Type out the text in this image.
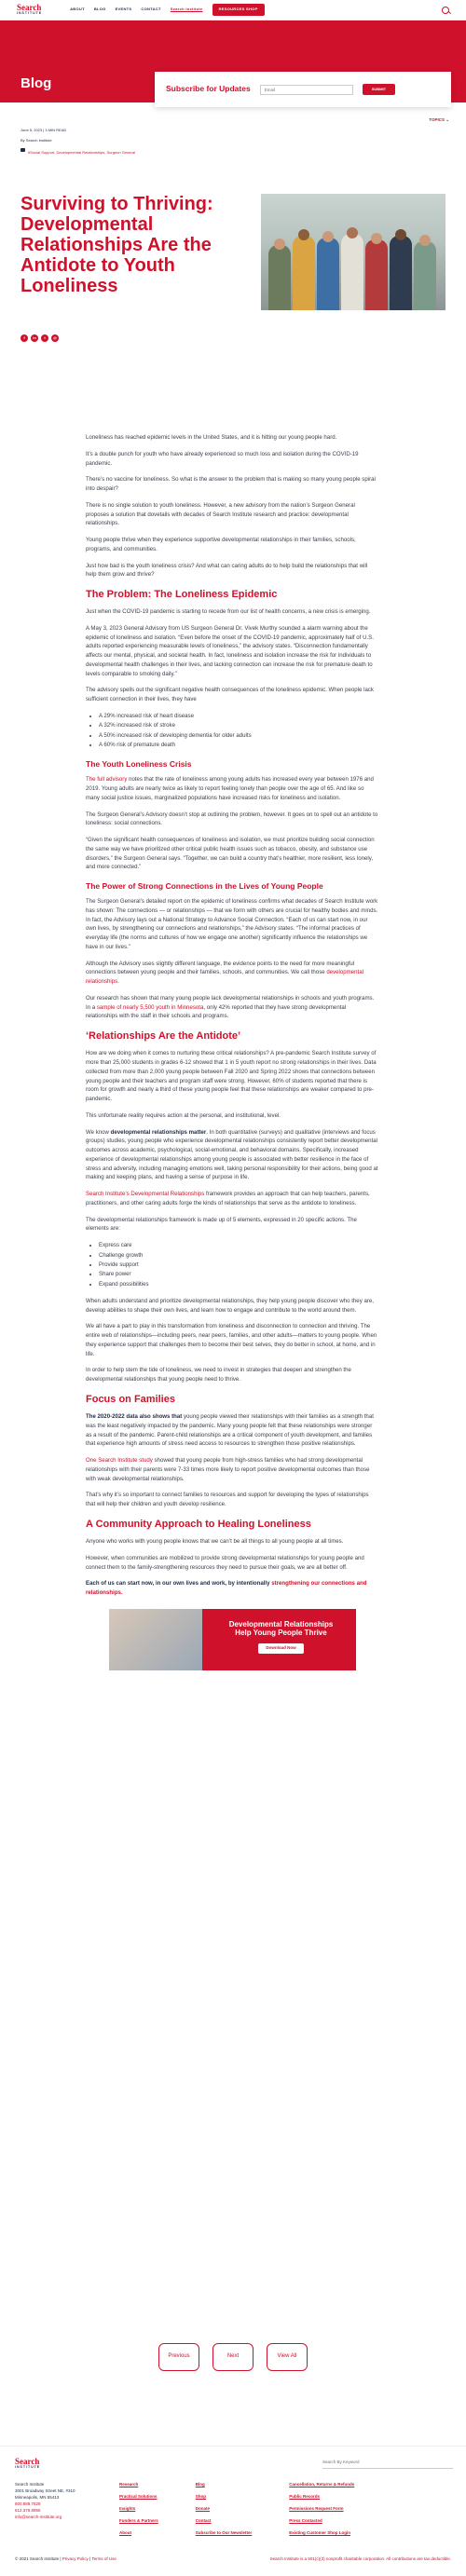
Search
INSTITUTE
ABOUT	BLOG	EVENTS	CONTACT	Search Institute	RESOURCES SHOP
Blog	Subscribe for Updates
Email	SUBMIT
TOPICS ⌄
June 5, 2023 | 3 MIN READ
By Search Institute
#Social Support, Developmental Relationships, Surgeon General
Surviving to Thriving: Developmental Relationships Are the Antidote to Youth Loneliness
f	in	t	@

Loneliness has reached epidemic levels in the United States, and it is hitting our young people hard.

It’s a double punch for youth who have already experienced so much loss and isolation during the COVID-19 pandemic.

There’s no vaccine for loneliness. So what is the answer to the problem that is making so many young people spiral into despair?

There is no single solution to youth loneliness. However, a new advisory from the nation’s Surgeon General proposes a solution that dovetails with decades of Search Institute research and practice: developmental relationships.

Young people thrive when they experience supportive developmental relationships in their families, schools, programs, and communities.

Just how bad is the youth loneliness crisis? And what can caring adults do to help build the relationships that will help them grow and thrive?

The Problem: The Loneliness Epidemic

Just when the COVID-19 pandemic is starting to recede from our list of health concerns, a new crisis is emerging.

A May 3, 2023 General Advisory from US Surgeon General Dr. Vivek Murthy sounded a alarm warning about the epidemic of loneliness and isolation. “Even before the onset of the COVID-19 pandemic, approximately half of U.S. adults reported experiencing measurable levels of loneliness,” the advisory states. “Disconnection fundamentally affects our mental, physical, and societal health. In fact, loneliness and isolation increase the risk for individuals to developmental health challenges in their lives, and lacking connection can increase the risk for premature death to levels comparable to smoking daily.”

The advisory spells out the significant negative health consequences of the loneliness epidemic. When people lack sufficient connection in their lives, they have

• A 29% increased risk of heart disease
• A 32% increased risk of stroke
• A 50% increased risk of developing dementia for older adults
• A 60% risk of premature death
The Youth Loneliness Crisis

The full advisory notes that the rate of loneliness among young adults has increased every year between 1976 and 2019. Young adults are nearly twice as likely to report feeling lonely than people over the age of 65. And like so many social justice issues, marginalized populations have increased risks for loneliness and isolation.

The Surgeon General’s Advisory doesn’t stop at outlining the problem, however. It goes on to spell out an antidote to loneliness: social connections.

“Given the significant health consequences of loneliness and isolation, we must prioritize building social connection the same way we have prioritized other critical public health issues such as tobacco, obesity, and substance use disorders,” the Surgeon General says. “Together, we can build a country that’s healthier, more resilient, less lonely, and more connected.”

The Power of Strong Connections in the Lives of Young People

The Surgeon General’s detailed report on the epidemic of loneliness confirms what decades of Search Institute work has shown: The connections — or relationships — that we form with others are crucial for healthy bodies and minds. In fact, the Advisory lays out a National Strategy to Advance Social Connection. “Each of us can start now, in our own lives, by strengthening our connections and relationships,” the Advisory states. “The informal practices of everyday life (the norms and cultures of how we engage one another) significantly influence the relationships we have in our lives.”

Although the Advisory uses slightly different language, the evidence points to the need for more meaningful connections between young people and their families, schools, and communities. We call those developmental relationships.

Our research has shown that many young people lack developmental relationships in schools and youth programs. In a sample of nearly 5,500 youth in Minnesota, only 42% reported that they have strong developmental relationships with the staff in their schools and programs.

‘Relationships Are the Antidote’

How are we doing when it comes to nurturing these critical relationships? A pre-pandemic Search Institute survey of more than 25,000 students in grades 6-12 showed that 1 in 5 youth report no strong relationships in their lives. Data collected from more than 2,000 young people between Fall 2020 and Spring 2022 shows that connections between young people and their teachers and program staff were strong. However, 60% of students reported that there is room for growth and nearly a third of these young people feel that these relationships are weaker compared to pre-pandemic.

This unfortunate reality requires action at the personal, and institutional, level.

We know developmental relationships matter. In both quantitative (surveys) and qualitative (interviews and focus groups) studies, young people who experience developmental relationships consistently report better developmental outcomes across academic, psychological, social-emotional, and behavioral domains. Specifically, increased experience of developmental relationships among young people is associated with better resilience in the face of stress and adversity, including managing emotions well, taking personal responsibility for their actions, being good at making and keeping plans, and having a sense of purpose in life.

Search Institute’s Developmental Relationships framework provides an approach that can help teachers, parents, practitioners, and other caring adults forge the kinds of relationships that serve as the antidote to loneliness.

The developmental relationships framework is made up of 5 elements, expressed in 20 specific actions. The elements are:

• Express care
• Challenge growth
• Provide support
• Share power
• Expand possibilities

When adults understand and prioritize developmental relationships, they help young people discover who they are, develop abilities to shape their own lives, and learn how to engage and contribute to the world around them.

We all have a part to play in this transformation from loneliness and disconnection to connection and thriving. The entire web of relationships—including peers, near peers, families, and other adults—matters to young people. When they experience support that challenges them to become their best selves, they do better in school, at home, and in life.

In order to help stem the tide of loneliness, we need to invest in strategies that deepen and strengthen the developmental relationships that young people need to thrive.

Focus on Families

The 2020-2022 data also shows that young people viewed their relationships with their families as a strength that was the least negatively impacted by the pandemic. Many young people felt that these relationships were stronger as a result of the pandemic. Parent-child relationships are a critical component of youth development, and families that experience high amounts of stress need access to resources to strengthen those positive relationships.

One Search Institute study showed that young people from high-stress families who had strong developmental relationships with their parents were 7-33 times more likely to report positive developmental outcomes than those with weak developmental relationships.

That’s why it’s so important to connect families to resources and support for developing the types of relationships that will help their children and youth develop resilience.

A Community Approach to Healing Loneliness

Anyone who works with young people knows that we can’t be all things to all young people at all times.

However, when communities are mobilized to provide strong developmental relationships for young people and connect them to the family-strengthening resources they need to pursue their goals, we are all better off.

Each of us can start now, in our own lives and work, by intentionally strengthening our connections and relationships.

Developmental Relationships
Help Young People Thrive
Download Now
Previous	Next	View All
Search
INSTITUTE
Search By Keyword
Search Institute
3001 Broadway Street NE, #310
Minneapolis, MN 55413
800.888.7828
612.376.8955
info@search-institute.org
Research
Practical Solutions
Insights
Funders & Partners
About
Blog
Shop
Donate
Contact
Subscribe to Our Newsletter
Cancellation, Returns & Refunds
Public Records
Permissions Request Form
Press Contacted
Existing Customer Shop Login
© 2021 Search Institute | Privacy Policy | Terms of Use	Search Institute is a 501(c)(3) nonprofit charitable corporation. All contributions are tax deductible.
